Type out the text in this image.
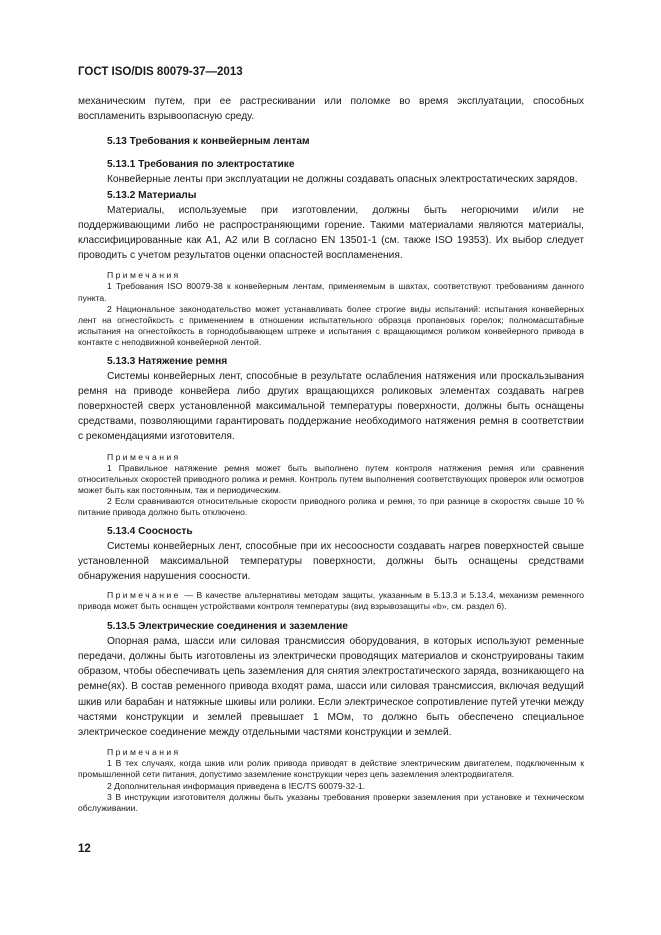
ГОСТ ISO/DIS 80079-37—2013

механическим путем, при ее растрескивании или поломке во время эксплуатации, способных воспламенить взрывоопасную среду.

5.13 Требования к конвейерным лентам

5.13.1 Требования по электростатике

Конвейерные ленты при эксплуатации не должны создавать опасных электростатических зарядов.

5.13.2 Материалы

Материалы, используемые при изготовлении, должны быть негорючими и/или не поддерживающими либо не распространяющими горение. Такими материалами являются материалы, классифицированные как А1, А2 или В согласно EN 13501-1 (см. также ISO 19353). Их выбор следует проводить с учетом результатов оценки опасностей воспламенения.

Примечания

1 Требования ISO 80079-38 к конвейерным лентам, применяемым в шахтах, соответствуют требованиям данного пункта.

2 Национальное законодательство может устанавливать более строгие виды испытаний: испытания конвейерных лент на огнестойкость с применением в отношении испытательного образца пропановых горелок; полномасштабные испытания на огнестойкость в горнодобывающем штреке и испытания с вращающимся роликом конвейерного привода в контакте с неподвижной конвейерной лентой.

5.13.3 Натяжение ремня

Системы конвейерных лент, способные в результате ослабления натяжения или проскальзывания ремня на приводе конвейера либо других вращающихся роликовых элементах создавать нагрев поверхностей сверх установленной максимальной температуры поверхности, должны быть оснащены средствами, позволяющими гарантировать поддержание необходимого натяжения ремня в соответствии с рекомендациями изготовителя.

Примечания

1 Правильное натяжение ремня может быть выполнено путем контроля натяжения ремня или сравнения относительных скоростей приводного ролика и ремня. Контроль путем выполнения соответствующих проверок или осмотров может быть как постоянным, так и периодическим.

2 Если сравниваются относительные скорости приводного ролика и ремня, то при разнице в скоростях свыше 10 % питание привода должно быть отключено.

5.13.4 Соосность

Системы конвейерных лент, способные при их несоосности создавать нагрев поверхностей свыше установленной максимальной температуры поверхности, должны быть оснащены средствами обнаружения нарушения соосности.

Примечание — В качестве альтернативы методам защиты, указанным в 5.13.3 и 5.13.4, механизм ременного привода может быть оснащен устройствами контроля температуры (вид взрывозащиты «b», см. раздел 6).

5.13.5 Электрические соединения и заземление

Опорная рама, шасси или силовая трансмиссия оборудования, в которых используют ременные передачи, должны быть изготовлены из электрически проводящих материалов и сконструированы таким образом, чтобы обеспечивать цепь заземления для снятия электростатического заряда, возникающего на ремне(ях). В состав ременного привода входят рама, шасси или силовая трансмиссия, включая ведущий шкив или барабан и натяжные шкивы или ролики. Если электрическое сопротивление путей утечки между частями конструкции и землей превышает 1 МОм, то должно быть обеспечено специальное электрическое соединение между отдельными частями конструкции и землей.

Примечания

1 В тех случаях, когда шкив или ролик привода приводят в действие электрическим двигателем, подключенным к промышленной сети питания, допустимо заземление конструкции через цепь заземления электродвигателя.

2 Дополнительная информация приведена в IEC/TS 60079-32-1.

3 В инструкции изготовителя должны быть указаны требования проверки заземления при установке и техническом обслуживании.

12
